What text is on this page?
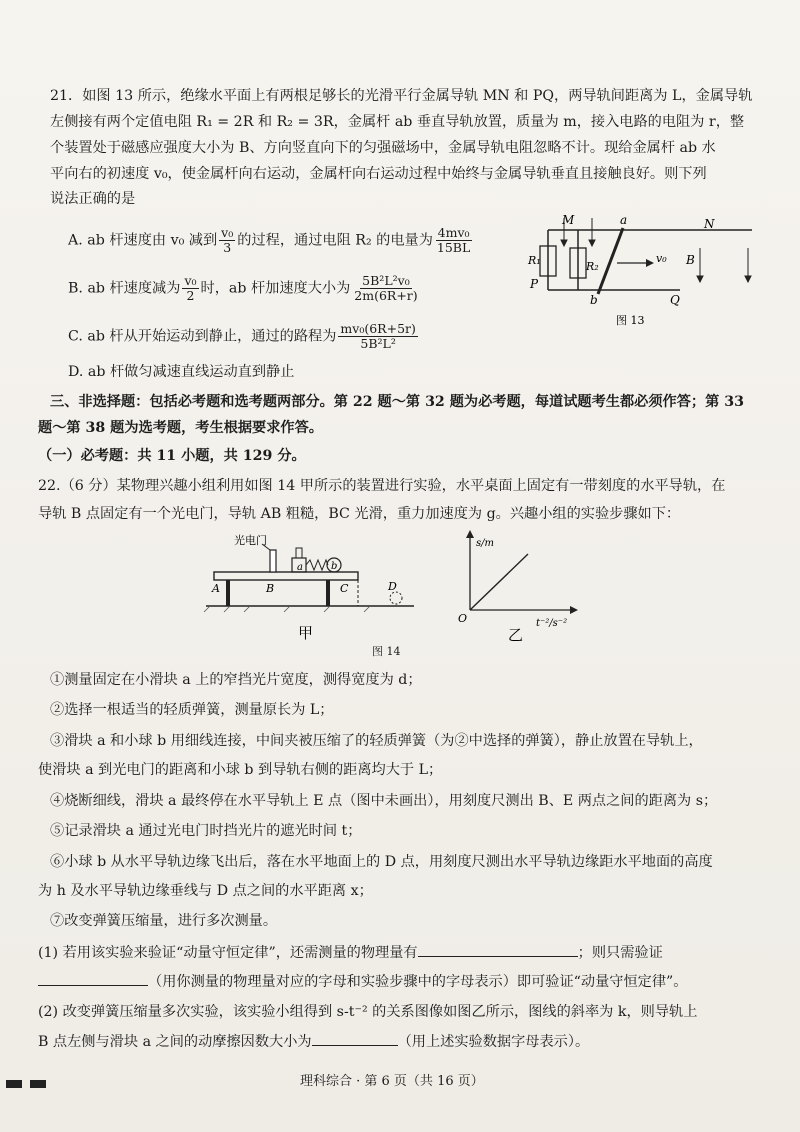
21．如图 13 所示，绝缘水平面上有两根足够长的光滑平行金属导轨 MN 和 PQ，两导轨间距离为 L，金属导轨
左侧接有两个定值电阻 R₁ = 2R 和 R₂ = 3R，金属杆 ab 垂直导轨放置，质量为 m，接入电路的电阻为 r，整
个装置处于磁感应强度大小为 B、方向竖直向下的匀强磁场中，金属导轨电阻忽略不计。现给金属杆 ab 水
平向右的初速度 v₀，使金属杆向右运动，金属杆向右运动过程中始终与金属导轨垂直且接触良好。则下列
说法正确的是
A. ab 杆速度由 v₀ 减到 $\frac{\text{v₀}}{3}$ 的过程，通过电阻 R₂ 的电量为 $\frac{\text{4mv₀}}{15BL}$
B. ab 杆速度减为 $\frac{\text{v₀}}{2}$ 时，ab 杆加速度大小为 $\frac{\text{5B²L²v₀}}{2m(6R+r)}$
C. ab 杆从开始运动到静止，通过的路程为 $\frac{\text{mv₀(6R+5r)}}{\text{5B²L²}}$
D. ab 杆做匀减速直线运动直到静止
M	a	N
R₁	R₂
v₀ B
P
b	Q
图 13
三、非选择题：包括必考题和选考题两部分。第 22 题～第 32 题为必考题，每道试题考生都必须作答；第 33
题～第 38 题为选考题，考生根据要求作答。
（一）必考题：共 11 小题，共 129 分。
22.（6 分）某物理兴趣小组利用如图 14 甲所示的装置进行实验，水平桌面上固定有一带刻度的水平导轨，在
导轨 B 点固定有一个光电门，导轨 AB 粗糙，BC 光滑，重力加速度为 g。兴趣小组的实验步骤如下：
光电门
a	b
A	B	C	D
甲
s/m
t⁻²/s⁻²
O
乙
图 14
①测量固定在小滑块 a 上的窄挡光片宽度，测得宽度为 d；
②选择一根适当的轻质弹簧，测量原长为 L；
③滑块 a 和小球 b 用细线连接，中间夹被压缩了的轻质弹簧（为②中选择的弹簧），静止放置在导轨上，
使滑块 a 到光电门的距离和小球 b 到导轨右侧的距离均大于 L；
④烧断细线，滑块 a 最终停在水平导轨上 E 点（图中未画出），用刻度尺测出 B、E 两点之间的距离为 s；
⑤记录滑块 a 通过光电门时挡光片的遮光时间 t；
⑥小球 b 从水平导轨边缘飞出后，落在水平地面上的 D 点，用刻度尺测出水平导轨边缘距水平地面的高度
为 h 及水平导轨边缘垂线与 D 点之间的水平距离 x；
⑦改变弹簧压缩量，进行多次测量。
(1) 若用该实验来验证“动量守恒定律”，还需测量的物理量有	；则只需验证
（用你测量的物理量对应的字母和实验步骤中的字母表示）即可验证“动量守恒定律”。
(2) 改变弹簧压缩量多次实验，该实验小组得到 s-t⁻² 的关系图像如图乙所示，图线的斜率为 k，则导轨上
B 点左侧与滑块 a 之间的动摩擦因数大小为	（用上述实验数据字母表示）。
理科综合 · 第 6 页（共 16 页）
